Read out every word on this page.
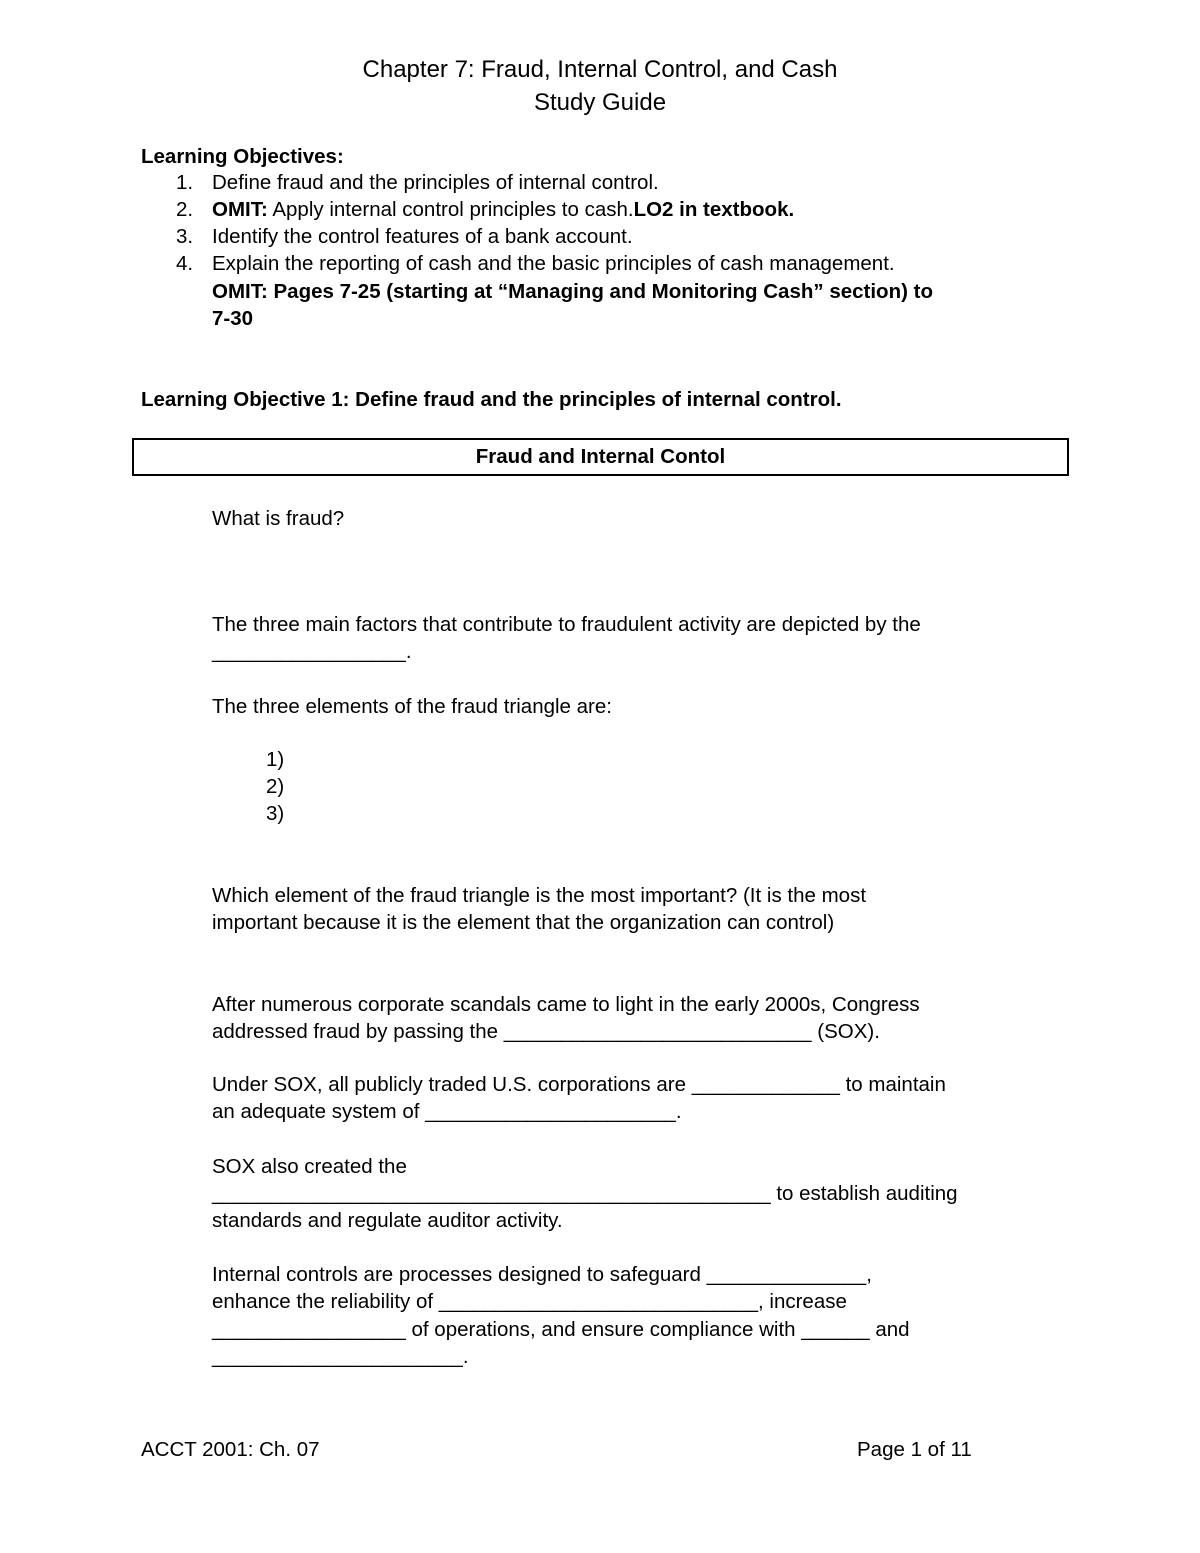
Chapter 7: Fraud, Internal Control, and Cash
Study Guide
Learning Objectives:
1. Define fraud and the principles of internal control.
2. OMIT: Apply internal control principles to cash.LO2 in textbook.
3. Identify the control features of a bank account.
4. Explain the reporting of cash and the basic principles of cash management.
OMIT: Pages 7-25 (starting at “Managing and Monitoring Cash” section) to
7-30
Learning Objective 1: Define fraud and the principles of internal control.
Fraud and Internal Contol
What is fraud?
The three main factors that contribute to fraudulent activity are depicted by the
_________________.
The three elements of the fraud triangle are:
1)
2)
3)
Which element of the fraud triangle is the most important? (It is the most
important because it is the element that the organization can control)
After numerous corporate scandals came to light in the early 2000s, Congress
addressed fraud by passing the ___________________________ (SOX).
Under SOX, all publicly traded U.S. corporations are _____________ to maintain
an adequate system of ______________________.
SOX also created the
_________________________________________________ to establish auditing
standards and regulate auditor activity.
Internal controls are processes designed to safeguard ______________,
enhance the reliability of ____________________________, increase
_________________ of operations, and ensure compliance with ______ and
______________________.
ACCT 2001: Ch. 07	Page 1 of 11
